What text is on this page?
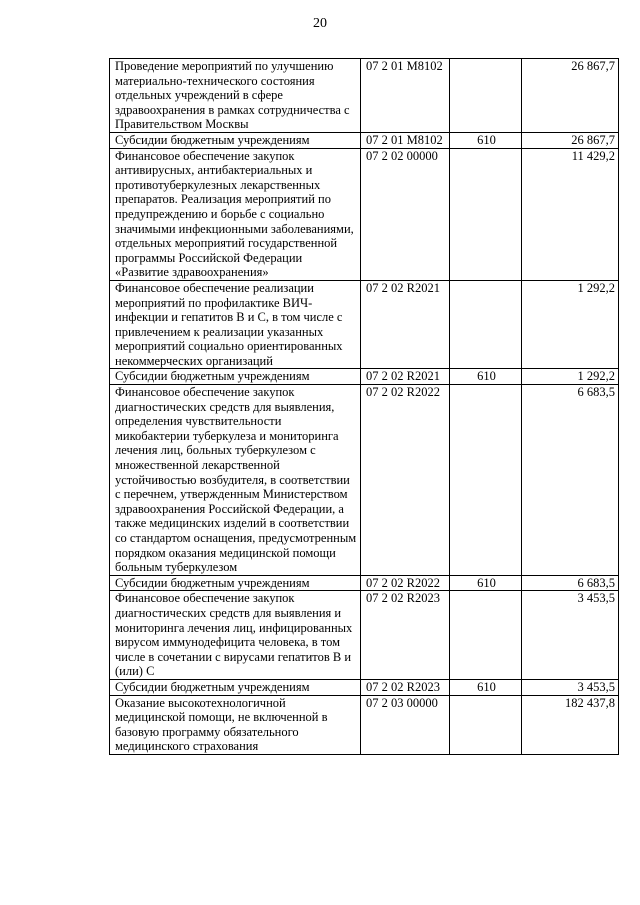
20
Проведение мероприятий по улучшению материально-технического состояния отдельных учреждений в сфере здравоохранения в рамках сотрудничества с Правительством Москвы	07 2 01 M8102		26 867,7
Субсидии бюджетным учреждениям	07 2 01 M8102	610	26 867,7
Финансовое обеспечение закупок антивирусных, антибактериальных и противотуберкулезных лекарственных препаратов. Реализация мероприятий по предупреждению и борьбе с социально значимыми инфекционными заболеваниями, отдельных мероприятий государственной программы Российской Федерации «Развитие здравоохранения»	07 2 02 00000		11 429,2
Финансовое обеспечение реализации мероприятий по профилактике ВИЧ-инфекции и гепатитов В и С, в том числе с привлечением к реализации указанных мероприятий социально ориентированных некоммерческих организаций	07 2 02 R2021		1 292,2
Субсидии бюджетным учреждениям	07 2 02 R2021	610	1 292,2
Финансовое обеспечение закупок диагностических средств для выявления, определения чувствительности микобактерии туберкулеза и мониторинга лечения лиц, больных туберкулезом с множественной лекарственной устойчивостью возбудителя, в соответствии с перечнем, утвержденным Министерством здравоохранения Российской Федерации, а также медицинских изделий в соответствии со стандартом оснащения, предусмотренным порядком оказания медицинской помощи больным туберкулезом	07 2 02 R2022		6 683,5
Субсидии бюджетным учреждениям	07 2 02 R2022	610	6 683,5
Финансовое обеспечение закупок диагностических средств для выявления и мониторинга лечения лиц, инфицированных вирусом иммунодефицита человека, в том числе в сочетании с вирусами гепатитов В и (или) С	07 2 02 R2023		3 453,5
Субсидии бюджетным учреждениям	07 2 02 R2023	610	3 453,5
Оказание высокотехнологичной медицинской помощи, не включенной в базовую программу обязательного медицинского страхования	07 2 03 00000		182 437,8
